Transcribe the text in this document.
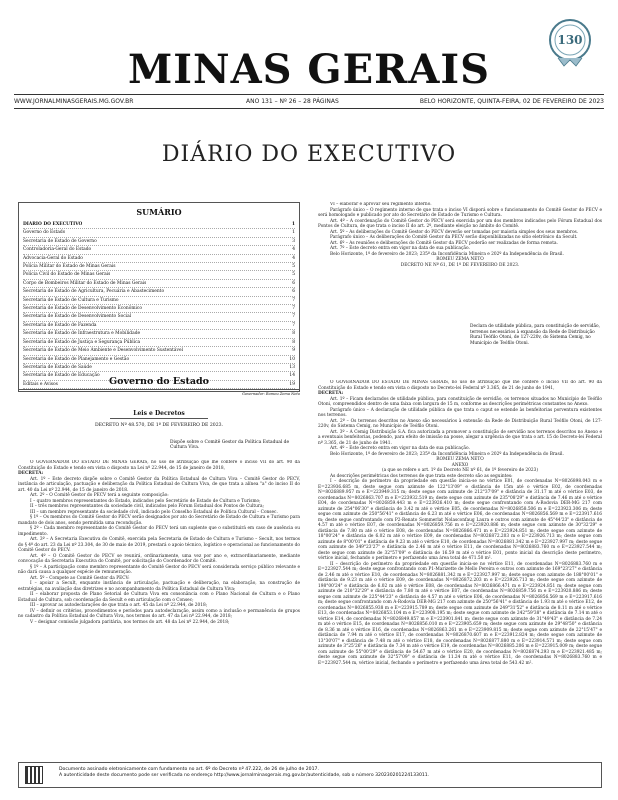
MINAS GERAIS
130
WWW.JORNALMINASGERAIS.MG.GOV.BR	ANO 131 – Nº 26 – 28 PÁGINAS	BELO HORIZONTE, QUINTA-FEIRA, 02 DE FEVEREIRO DE 2023
DIÁRIO DO EXECUTIVO
SUMÁRIO
DIÁRIO DO EXECUTIVO	1
Governo do Estado	1
Secretaria de Estado de Governo	3
Controladoria-Geral do Estado	4
Advocacia-Geral do Estado	4
Polícia Militar do Estado de Minas Gerais	5
Polícia Civil do Estado de Minas Gerais	5
Corpo de Bombeiros Militar do Estado de Minas Gerais	6
Secretaria de Estado de Agricultura, Pecuária e Abastecimento	6
Secretaria de Estado de Cultura e Turismo	7
Secretaria de Estado de Desenvolvimento Econômico	7
Secretaria de Estado de Desenvolvimento Social	7
Secretaria de Estado de Fazenda	7
Secretaria de Estado de Infraestrutura e Mobilidade	8
Secretaria de Estado de Justiça e Segurança Pública	8
Secretaria de Estado de Meio Ambiente e Desenvolvimento Sustentável	9
Secretaria de Estado de Planejamento e Gestão	10
Secretaria de Estado de Saúde	13
Secretaria de Estado de Educação	14
Editais e Avisos	19
Governo do Estado
Governador: Romeu Zema Neto
Leis e Decretos
DECRETO Nº 48.570, DE 1º DE FEVEREIRO DE 2023.
Dispõe sobre o Comitê Gestor da Política Estadual de Cultura Viva.

O GOVERNADOR DO ESTADO DE MINAS GERAIS, no uso de atribuição que lhe confere o inciso VII do art. 90 da Constituição do Estado e tendo em vista o disposto na Lei nº 22.944, de 15 de janeiro de 2018,

DECRETA:

Art. 1º – Este decreto dispõe sobre o Comitê Gestor da Política Estadual de Cultura Viva – Comitê Gestor do PECV, instância de articulação, pactuação e deliberação da Política Estadual de Cultura Viva, de que trata a alínea "a" do inciso II do art. 40 da Lei nº 22.944, de 15 de janeiro de 2018.

Art. 2º – O Comitê Gestor do PECV terá a seguinte composição:

I – quatro membros representantes do Estado, indicados pelo Secretário de Estado de Cultura e Turismo;

II – três membros representantes da sociedade civil, indicados pelo Fórum Estadual dos Pontos de Cultura;

III – um membro representante da sociedade civil, indicado pelo Conselho Estadual de Política Cultural – Consec.

§ 1º – Os membros do Comitê Gestor do PECV serão designados por ato do Secretário de Estado de Cultura e Turismo para mandato de dois anos, sendo permitida uma recondução.

§ 2º – Cada membro representante do Comitê Gestor do PECV terá um suplente que o substituirá em caso de ausência ou impedimento.

Art. 3º – A Secretaria Executiva do Comitê, exercida pela Secretaria de Estado de Cultura e Turismo – Secult, nos termos do § 4º do art. 23 da Lei nº 23.304, de 30 de maio de 2019, prestará o apoio técnico, logístico e operacional ao funcionamento do Comitê Gestor do PECV.

Art. 4º – O Comitê Gestor do PECV se reunirá, ordinariamente, uma vez por ano e, extraordinariamente, mediante convocação da Secretaria Executiva do Comitê, por solicitação do Coordenador do Comitê.

§ 1º – A participação como membro representante do Comitê Gestor do PECV será considerada serviço público relevante e não dará causa a qualquer espécie de remuneração.

Art. 5º – Compete ao Comitê Gestor da PECV:

I – apoiar a Secult, enquanto instância de articulação, pactuação e deliberação, na elaboração, na construção de estratégias, na avaliação das diretrizes e no acompanhamento da Política Estadual de Cultura Viva;

II – elaborar proposta de Plano Setorial de Cultura Viva em consonância com o Plano Nacional de Cultura e o Plano Estadual de Cultura, sob coordenação da Secult e em articulação com o Consec;

III – aprovar as autodeclarações de que trata o art. 45 da Lei nº 22.944, de 2018;

IV – definir os critérios, procedimentos e períodos para autodeclaração, assim como a inclusão e permanência de grupos no cadastro da Política Estadual de Cultura Viva, nos termos do art. 47 da Lei nº 22.944, de 2018;

V – designar comissão julgadora paritária, nos termos do art. 48 da Lei nº 22.944, de 2018;

VI – elaborar e aprovar seu regimento interno.

Parágrafo único – O regimento interno de que trata o inciso VI disporá sobre o funcionamento do Comitê Gestor do PECV e será homologado e publicado por ato do Secretário de Estado de Turismo e Cultura.

Art. 4º – A coordenação do Comitê Gestor do PECV será exercida por um dos membros indicados pelo Fórum Estadual dos Pontos de Cultura, de que trata o inciso II do art. 2º, mediante eleição no âmbito do Comitê.

Art. 5º – As deliberações do Comitê Gestor do PECV deverão ser tomadas por maioria simples dos seus membros.

Parágrafo único – As deliberações do Comitê Gestor da PECV serão disponibilizadas no sítio eletrônico da Secult.

Art. 6º – As reuniões e deliberações do Comitê Gestor da PECV poderão ser realizadas de forma remota.

Art. 7º – Este decreto entra em vigor na data de sua publicação.

Belo Horizonte, 1º de fevereiro de 2023; 235º da Inconfidência Mineira e 202º da Independência do Brasil.

ROMEU ZEMA NETO

DECRETO NE Nº 61, DE 1º DE FEVEREIRO DE 2023.

Declara de utilidade pública, para constituição de servidão, terrenos necessários à expansão da Rede de Distribuição Rural Teófilo Otoni, de 127-220v, do Sistema Cemig, no Município de Teófilo Otoni.

O GOVERNADOR DO ESTADO DE MINAS GERAIS, no uso de atribuição que lhe confere o inciso VII do art. 90 da Constituição do Estado e tendo em vista o disposto no Decreto-lei Federal nº 3.365, de 21 de junho de 1941,

DECRETA:

Art. 1º – Ficam declarados de utilidade pública, para constituição de servidão, os terrenos situados no Município de Teófilo Otoni, compreendidos dentro de uma faixa com largura de 15 m, conforme as descrições perimétricas constantes no Anexo.

Parágrafo único – A declaração de utilidade pública de que trata o caput se estende às benfeitorias porventura existentes nos terrenos.

Art. 2º – Os terrenos descritos no Anexo são necessários à extensão da Rede de Distribuição Rural Teófilo Otoni, de 127-220v, do Sistema Cemig, no Município de Teófilo Otoni.

Art. 3º – A Cemig Distribuição S.A. fica autorizada a promover a constituição de servidão nos terrenos descritos no Anexo e a eventuais benfeitorias, podendo, para efeito de imissão na posse, alegar a urgência de que trata o art. 15 do Decreto-lei Federal nº 3.365, de 21 de junho de 1941.

Art. 4º – Este decreto entra em vigor na data de sua publicação.

Belo Horizonte, 1º de fevereiro de 2023; 235º da Inconfidência Mineira e 202º da Independência do Brasil.

ROMEU ZEMA NETO

ANEXO

(a que se refere o art. 1º do Decreto NE nº 61, de 1º fevereiro de 2023)

As descrições perimétricas dos terrenos de que trata este decreto são as seguintes:

I – descrição do perímetro da propriedade em questão inicia-se no vértice E01, de coordenadas N=8026898.043 m e E=223936.685 m, deste segue com azimute de 122°13'09" e distância de 15m até o vértice E02, de coordenadas N=8026889.957 m e E=223949.315 m; deste segue com azimute de 212°37'09" e distância de 31.17 m até o vértice E03, de coordenadas N=8026863.707 m e E=223932.519 m; deste segue com azimute de 235°08'29" e distância de 7.46 m até o vértice E04, de coordenadas N=8026859.443 m e E=223926.410 m; deste segue confrontando com A-Rodovia DER-MG 217 com azimute de 254°06'30" e distância de 3.42 m até o vértice E05, de coordenadas N=8026858.506 m e E=223923.306 m; deste segue com azimute de 250°56'41" e distância de 6.23 m até o vértice E06, de coordenadas N=8026856.569 m e E=223917.616 m; deste segue confrontando com P2-Renato Sommerlat Nolasconfaug Laura e outros com azimute de 45°44'23" e distância de 4.57 m até o vértice E07, de coordenadas N=8026859.756 m e E=223920.886 m; deste segue com azimute de 30°32'29" e distância de 7.80 m até o vértice E08, de coordenadas N=8026866.471 m e E=223924.851 m; deste segue com azimute de 18°00'24" e distância de 6.02 m até o vértice E09, de coordenadas N=8026872.203 m e E=223926.713 m; deste segue com azimute de 8°00'01" e distância de 9.23 m até o vértice E10, de coordenadas N=8026881.342 m e E=223927.997 m; deste segue com azimute de 349°23'27" e distância de 2.46 m até o vértice E11, de coordenadas N=8026883.760 m e E=223927.544 m; deste segue com azimute de 32°57'09" e distância de 16.59 m até o vértice E01, ponto inicial da descrição deste perímetro, vértice inicial, fechando o perímetro e perfazendo uma área total de 471.50 m².

II – descrição do perímetro da propriedade em questão inicia-se no vértice E11, de coordenadas N=8026883.760 m e E=223927.544 m; deste segue confrontando com P1-Marizette de Mello Pereira e outros com azimute de 169°23'27" e distância de 2.46 m até o vértice E10, de coordenadas N=8026881.342 m e E=223927.997 m; deste segue com azimute de 188°00'01" e distância de 9.23 m até o vértice E09, de coordenadas N=8026872.203 m e E=223926.713 m; deste segue com azimute de 198°00'24" e distância de 6.02 m até o vértice E08, de coordenadas N=8026866.471 m e E=223924.851 m; deste segue com azimute de 210°32'29" e distância de 7.80 m até o vértice E07, de coordenadas N=8026859.756 m e E=223920.886 m; deste segue com azimute de 225°44'23" e distância de 4.57 m até o vértice E06, de coordenadas N=8026856.569 m e E=223917.616 m; deste segue confrontando com A-Rodovia DER-MG 217 com azimute de 250°56'41" e distância de 1.93 m até o vértice E12, de coordenadas N=8026855.938 m e E=223915.789 m; deste segue com azimute de 249°31'52" e distância de 8.11 m até o vértice E13, de coordenadas N=8026853.104 m e E=223908.195 m; deste segue com azimute de 242°59'38" e distância de 7.14 m até o vértice E14, de coordenadas N=8026849.857 m e E=223901.841 m; deste segue com azimute de 31°49'43" e distância de 7.24 m até o vértice E15, de coordenadas N=8026856.010 m e E=223905.659 m; deste segue com azimute de 29°48'50" e distância de 8.36 m até o vértice E16, de coordenadas N=8026863.261 m e E=223909.815 m; deste segue com azimute de 22°15'47" e distância de 7.94 m até o vértice E17, de coordenadas N=8026870.607 m e E=223912.824 m; deste segue com azimute de 13°30'07" e distância de 7.48 m até o vértice E18, de coordenadas N=8026877.880 m e E=223914.571 m; deste segue com azimute de 3°25'26" e distância de 7.34 m até o vértice E19, de coordenadas N=8026885.206 m e E=223915.009 m; deste segue com azimute de 55°00'29" e distância de 54.67 m até o vértice E20, de coordenadas N=8026874.293 m e E=223921.485 m; deste segue com azimute de 32°57'09" e distância de 11.24 m até o vértice E11, de coordenadas N=8026883.760 m e E=223927.544 m, vértice inicial, fechando o perímetro e perfazendo uma área total de 543.42 m².

Documento assinado eletronicamente com fundamento no art. 6º do Decreto nº 47.222, de 26 de julho de 2017.
A autenticidade deste documento pode ser verificada no endereço http://www.jornalminasgerais.mg.gov.br/autenticidade, sob o número 320230201224133011.
